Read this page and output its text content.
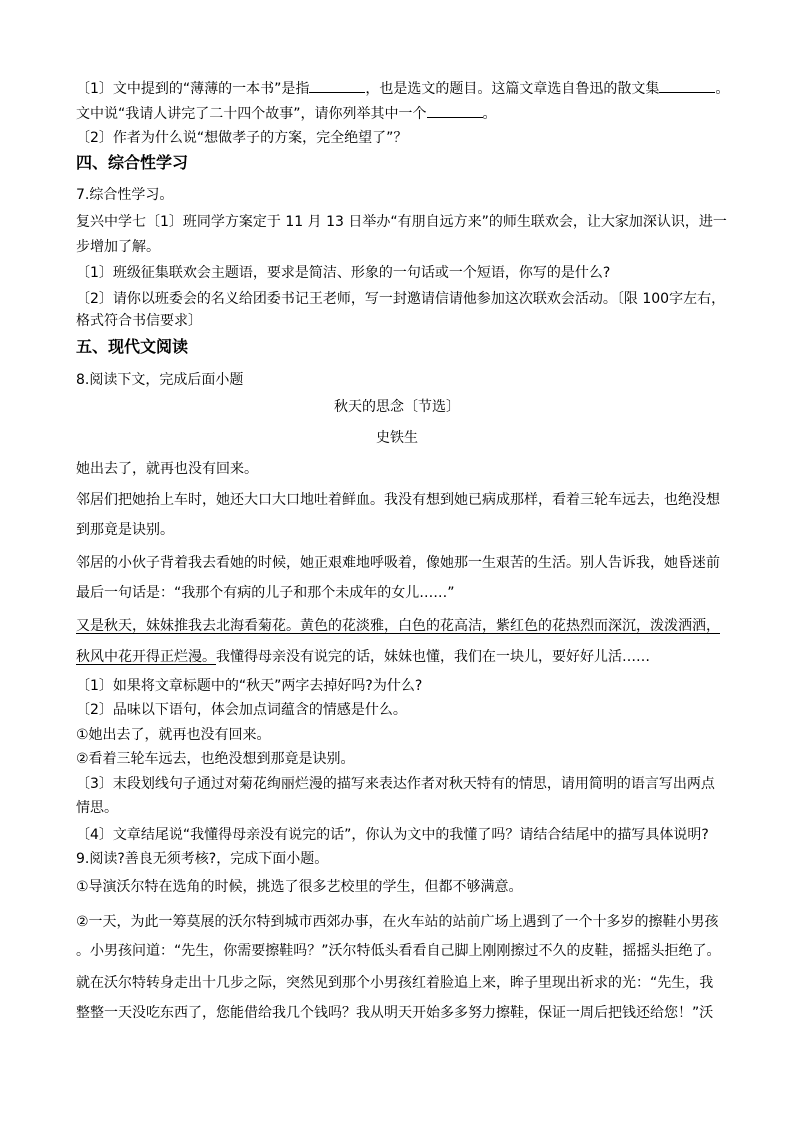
〔1〕文中提到的“薄薄的一本书”是指	，也是选文的题目。这篇文章选自鲁迅的散文集	。
文中说“我请人讲完了二十四个故事”，请你列举其中一个	。
〔2〕作者为什么说“想做孝子的方案，完全绝望了”？
四、综合性学习
7.综合性学习。
复兴中学七〔1〕班同学方案定于 11 月 13 日举办“有朋自远方来”的师生联欢会，让大家加深认识，进一
步增加了解。
〔1〕班级征集联欢会主题语，要求是简洁、形象的一句话或一个短语，你写的是什么?
〔2〕请你以班委会的名义给团委书记王老师，写一封邀请信请他参加这次联欢会活动。〔限 100字左右，
格式符合书信要求〕
五、现代文阅读
8.阅读下文，完成后面小题
秋天的思念〔节选〕
史铁生
她出去了，就再也没有回来。
邻居们把她抬上车时，她还大口大口地吐着鲜血。我没有想到她已病成那样，看着三轮车远去，也绝没想
到那竟是诀别。
邻居的小伙子背着我去看她的时候，她正艰难地呼吸着，像她那一生艰苦的生活。别人告诉我，她昏迷前
最后一句话是：“我那个有病的儿子和那个未成年的女儿……”
又是秋天，妹妹推我去北海看菊花。黄色的花淡雅，白色的花高洁，紫红色的花热烈而深沉，泼泼洒洒，
秋风中花开得正烂漫。我懂得母亲没有说完的话，妹妹也懂，我们在一块儿，要好好儿活……
〔1〕如果将文章标题中的“秋天”两字去掉好吗?为什么?
〔2〕品味以下语句，体会加点词蕴含的情感是什么。
①她出去了，就再也没有回来。
②看着三轮车远去，也绝没想到那竟是诀别。
〔3〕末段划线句子通过对菊花绚丽烂漫的描写来表达作者对秋天特有的情思，请用简明的语言写出两点
情思。
〔4〕文章结尾说“我懂得母亲没有说完的话”，你认为文中的我懂了吗？请结合结尾中的描写具体说明?
9.阅读?善良无须考核?，完成下面小题。
①导演沃尔特在选角的时候，挑选了很多艺校里的学生，但都不够满意。
②一天，为此一筹莫展的沃尔特到城市西郊办事，在火车站的站前广场上遇到了一个十多岁的擦鞋小男孩
。小男孩问道：“先生，你需要擦鞋吗？”沃尔特低头看看自己脚上刚刚擦过不久的皮鞋，摇摇头拒绝了。
就在沃尔特转身走出十几步之际，突然见到那个小男孩红着脸追上来，眸子里现出祈求的光：“先生，我
整整一天没吃东西了，您能借给我几个钱吗？我从明天开始多多努力擦鞋，保证一周后把钱还给您！”沃
